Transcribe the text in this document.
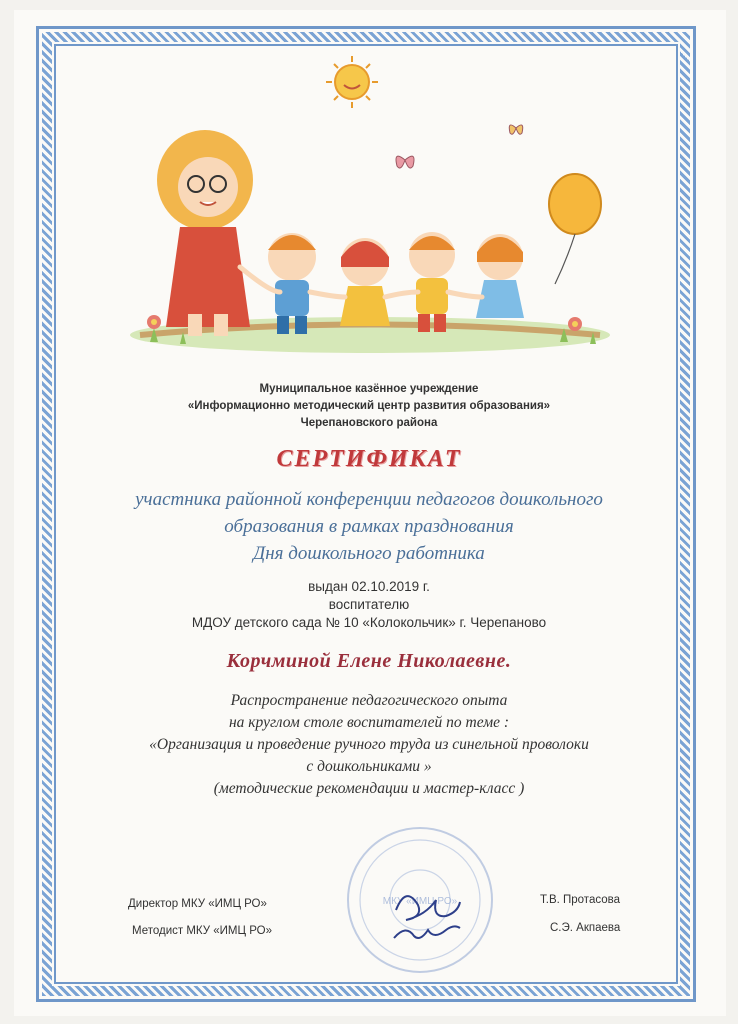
Муниципальное казённое учреждение
«Информационно методический центр развития образования»
Черепановского района
СЕРТИФИКАТ
участника районной конференции педагогов дошкольного
образования в рамках празднования
Дня дошкольного работника
выдан 02.10.2019 г.
воспитателю
МДОУ детского сада № 10 «Колокольчик» г. Черепаново
Корчминой Елене Николаевне.
Распространение педагогического опыта
на круглом столе воспитателей по теме :
«Организация и проведение ручного труда из синельной проволоки
с дошкольниками »
(методические рекомендации и мастер-класс )
МКУ «ИМЦ РО»
Директор МКУ «ИМЦ РО»	Т.В. Протасова
Методист МКУ «ИМЦ РО»	С.Э. Акпаева
